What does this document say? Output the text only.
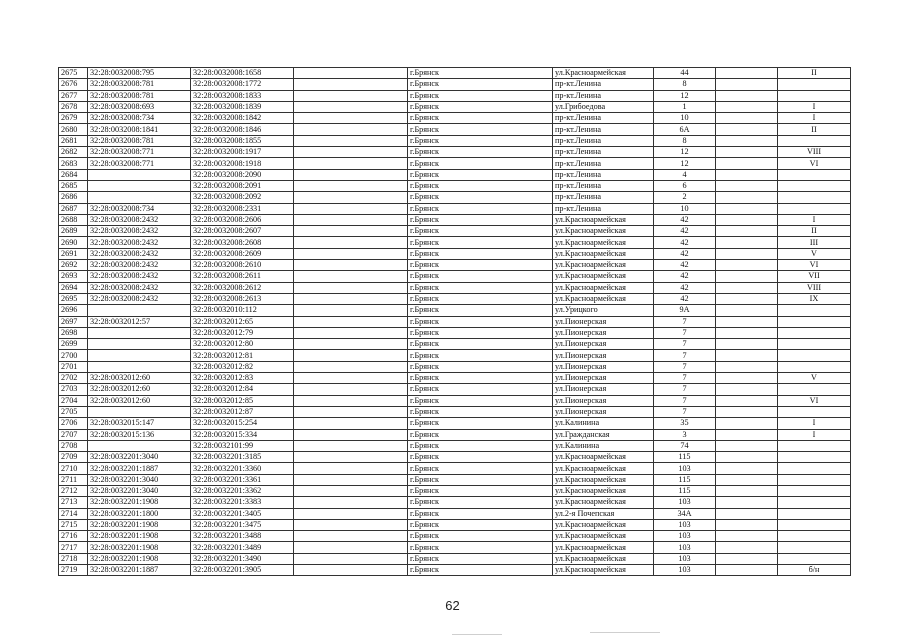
2675	32:28:0032008:795	32:28:0032008:1658		г.Брянск	ул.Красноармейская	44		II
2676	32:28:0032008:781	32:28:0032008:1772		г.Брянск	пр-кт.Ленина	8		
2677	32:28:0032008:781	32:28:0032008:1833		г.Брянск	пр-кт.Ленина	12		
2678	32:28:0032008:693	32:28:0032008:1839		г.Брянск	ул.Грибоедова	1		I
2679	32:28:0032008:734	32:28:0032008:1842		г.Брянск	пр-кт.Ленина	10		I
2680	32:28:0032008:1841	32:28:0032008:1846		г.Брянск	пр-кт.Ленина	6А		II
2681	32:28:0032008:781	32:28:0032008:1855		г.Брянск	пр-кт.Ленина	8		
2682	32:28:0032008:771	32:28:0032008:1917		г.Брянск	пр-кт.Ленина	12		VIII
2683	32:28:0032008:771	32:28:0032008:1918		г.Брянск	пр-кт.Ленина	12		VI
2684		32:28:0032008:2090		г.Брянск	пр-кт.Ленина	4		
2685		32:28:0032008:2091		г.Брянск	пр-кт.Ленина	6		
2686		32:28:0032008:2092		г.Брянск	пр-кт.Ленина	2		
2687	32:28:0032008:734	32:28:0032008:2331		г.Брянск	пр-кт.Ленина	10		
2688	32:28:0032008:2432	32:28:0032008:2606		г.Брянск	ул.Красноармейская	42		I
2689	32:28:0032008:2432	32:28:0032008:2607		г.Брянск	ул.Красноармейская	42		II
2690	32:28:0032008:2432	32:28:0032008:2608		г.Брянск	ул.Красноармейская	42		III
2691	32:28:0032008:2432	32:28:0032008:2609		г.Брянск	ул.Красноармейская	42		V
2692	32:28:0032008:2432	32:28:0032008:2610		г.Брянск	ул.Красноармейская	42		VI
2693	32:28:0032008:2432	32:28:0032008:2611		г.Брянск	ул.Красноармейская	42		VII
2694	32:28:0032008:2432	32:28:0032008:2612		г.Брянск	ул.Красноармейская	42		VIII
2695	32:28:0032008:2432	32:28:0032008:2613		г.Брянск	ул.Красноармейская	42		IX
2696		32:28:0032010:112		г.Брянск	ул.Урицкого	9А		
2697	32:28:0032012:57	32:28:0032012:65		г.Брянск	ул.Пионерская	7		
2698		32:28:0032012:79		г.Брянск	ул.Пионерская	7		
2699		32:28:0032012:80		г.Брянск	ул.Пионерская	7		
2700		32:28:0032012:81		г.Брянск	ул.Пионерская	7		
2701		32:28:0032012:82		г.Брянск	ул.Пионерская	7		
2702	32:28:0032012:60	32:28:0032012:83		г.Брянск	ул.Пионерская	7		V
2703	32:28:0032012:60	32:28:0032012:84		г.Брянск	ул.Пионерская	7		
2704	32:28:0032012:60	32:28:0032012:85		г.Брянск	ул.Пионерская	7		VI
2705		32:28:0032012:87		г.Брянск	ул.Пионерская	7		
2706	32:28:0032015:147	32:28:0032015:254		г.Брянск	ул.Калинина	35		I
2707	32:28:0032015:136	32:28:0032015:334		г.Брянск	ул.Гражданская	3		I
2708		32:28:0032101:99		г.Брянск	ул.Калинина	74		
2709	32:28:0032201:3040	32:28:0032201:3185		г.Брянск	ул.Красноармейская	115		
2710	32:28:0032201:1887	32:28:0032201:3360		г.Брянск	ул.Красноармейская	103		
2711	32:28:0032201:3040	32:28:0032201:3361		г.Брянск	ул.Красноармейская	115		
2712	32:28:0032201:3040	32:28:0032201:3362		г.Брянск	ул.Красноармейская	115		
2713	32:28:0032201:1908	32:28:0032201:3383		г.Брянск	ул.Красноармейская	103		
2714	32:28:0032201:1800	32:28:0032201:3405		г.Брянск	ул.2-я Почепская	34А		
2715	32:28:0032201:1908	32:28:0032201:3475		г.Брянск	ул.Красноармейская	103		
2716	32:28:0032201:1908	32:28:0032201:3488		г.Брянск	ул.Красноармейская	103		
2717	32:28:0032201:1908	32:28:0032201:3489		г.Брянск	ул.Красноармейская	103		
2718	32:28:0032201:1908	32:28:0032201:3490		г.Брянск	ул.Красноармейская	103		
2719	32:28:0032201:1887	32:28:0032201:3905		г.Брянск	ул.Красноармейская	103		б/н
62
